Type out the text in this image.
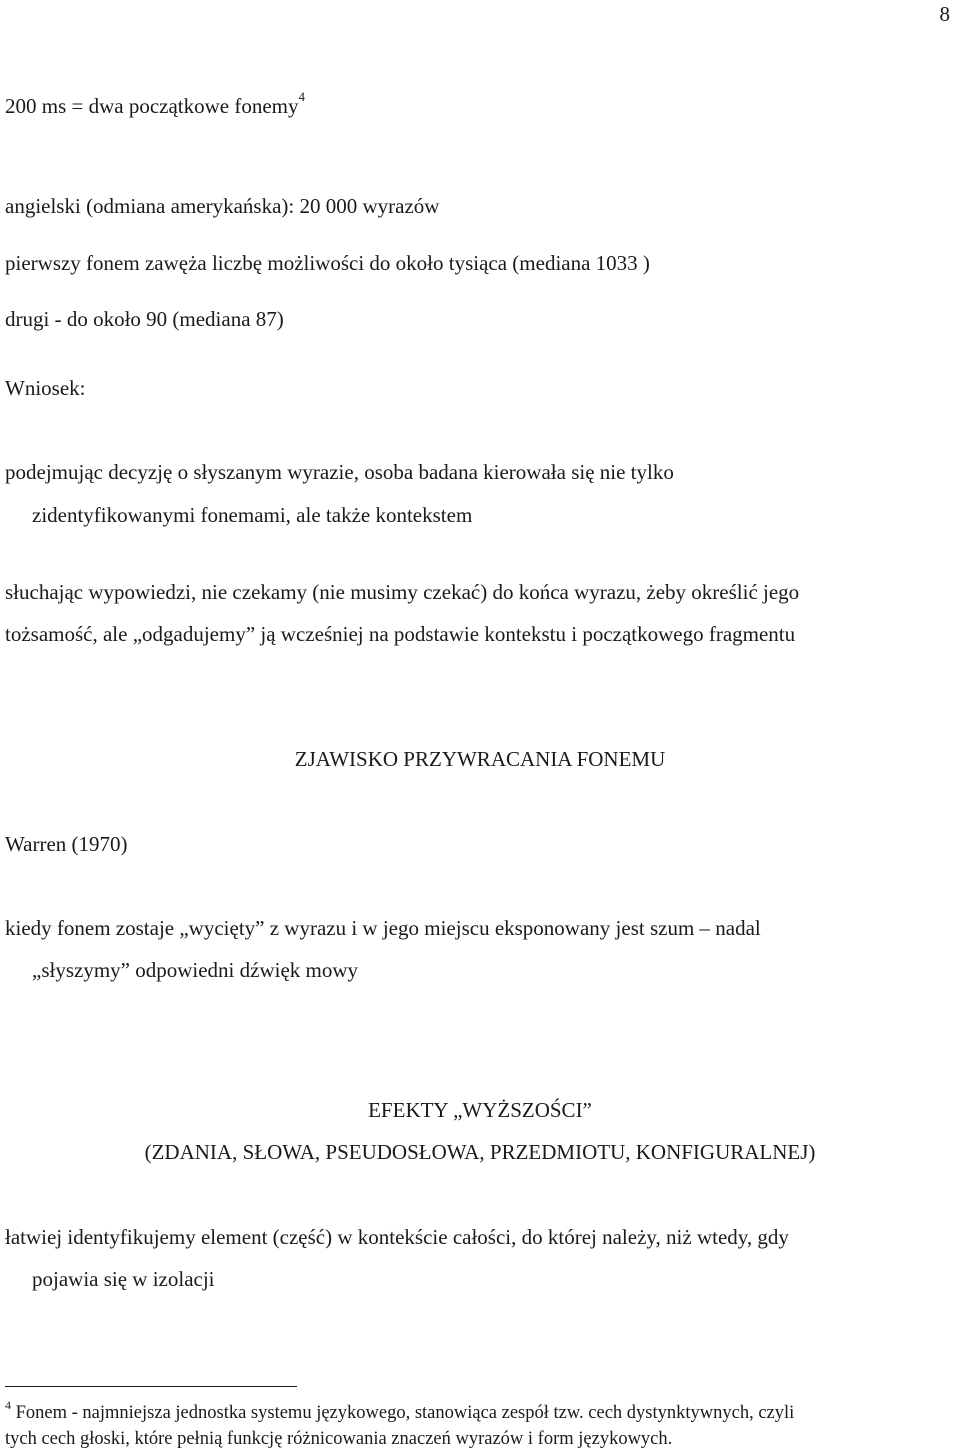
8
200 ms = dwa początkowe fonemy$^4$
angielski (odmiana amerykańska): 20 000 wyrazów
pierwszy fonem zawęża liczbę możliwości do około tysiąca (mediana 1033 )
drugi - do około 90 (mediana 87)
Wniosek:
podejmując decyzję o słyszanym wyrazie, osoba badana kierowała się nie tylko
zidentyfikowanymi fonemami, ale także kontekstem
słuchając wypowiedzi, nie czekamy (nie musimy czekać) do końca wyrazu, żeby określić jego
tożsamość, ale „odgadujemy” ją wcześniej na podstawie kontekstu i początkowego fragmentu
ZJAWISKO PRZYWRACANIA FONEMU
Warren (1970)
kiedy fonem zostaje „wycięty” z wyrazu i w jego miejscu eksponowany jest szum – nadal
„słyszymy” odpowiedni dźwięk mowy
EFEKTY „WYŻSZOŚCI”
(ZDANIA, SŁOWA, PSEUDOSŁOWA, PRZEDMIOTU, KONFIGURALNEJ)
łatwiej identyfikujemy element (część) w kontekście całości, do której należy, niż wtedy, gdy
pojawia się w izolacji
$^4$ Fonem - najmniejsza jednostka systemu językowego, stanowiąca zespół tzw. cech dystynktywnych, czyli
tych cech głoski, które pełnią funkcję różnicowania znaczeń wyrazów i form językowych.
